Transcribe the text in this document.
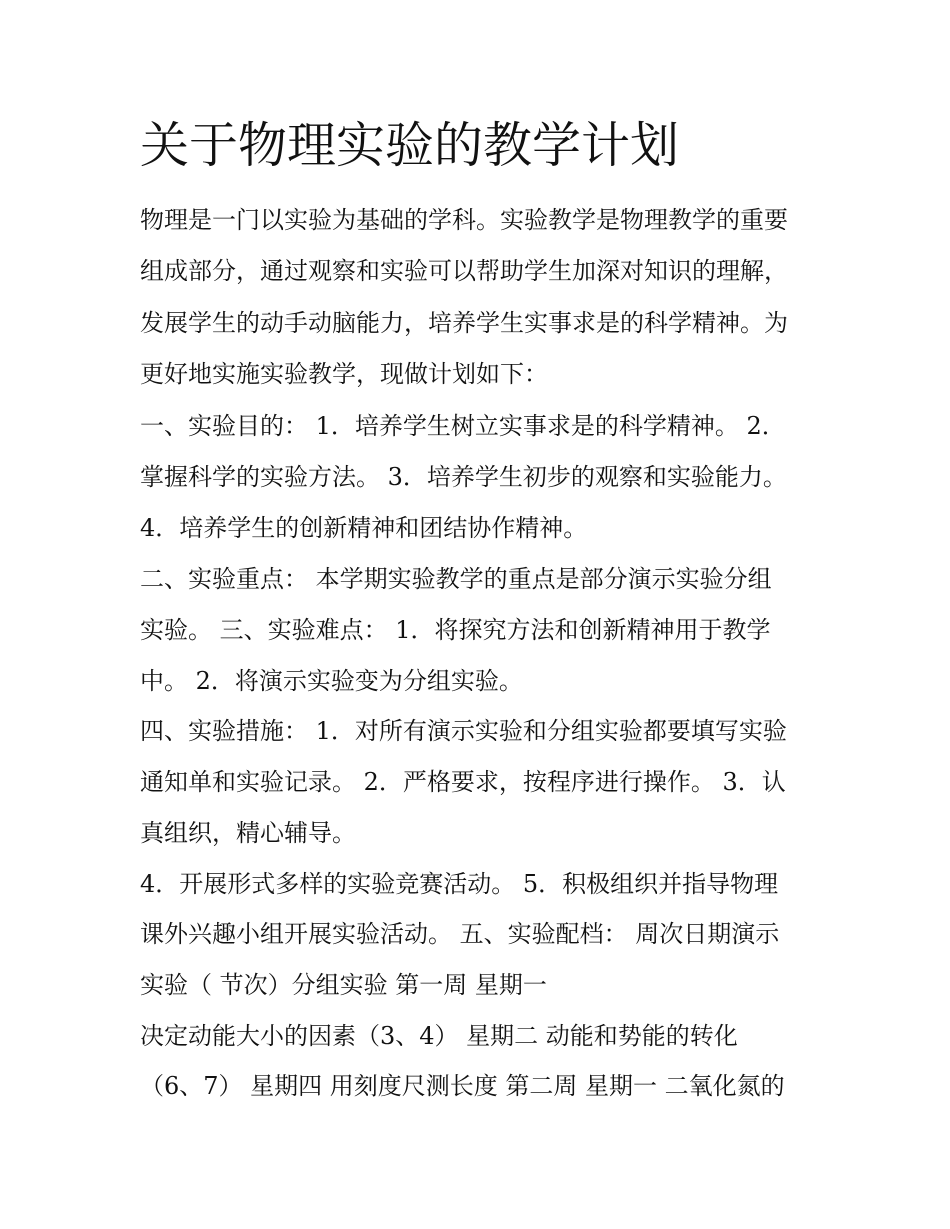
关于物理实验的教学计划

物理是一门以实验为基础的学科。实验教学是物理教学的重要

组成部分，通过观察和实验可以帮助学生加深对知识的理解，

发展学生的动手动脑能力，培养学生实事求是的科学精神。为

更好地实施实验教学，现做计划如下：

一、实验目的： 1．培养学生树立实事求是的科学精神。 2．

掌握科学的实验方法。 3．培养学生初步的观察和实验能力。

4．培养学生的创新精神和团结协作精神。

二、实验重点： 本学期实验教学的重点是部分演示实验分组

实验。 三、实验难点： 1．将探究方法和创新精神用于教学

中。 2．将演示实验变为分组实验。

四、实验措施： 1．对所有演示实验和分组实验都要填写实验

通知单和实验记录。 2．严格要求，按程序进行操作。 3．认

真组织，精心辅导。

4．开展形式多样的实验竞赛活动。 5．积极组织并指导物理

课外兴趣小组开展实验活动。 五、实验配档： 周次日期演示

实验（ 节次）分组实验 第一周 星期一

决定动能大小的因素（3、4） 星期二 动能和势能的转化

（6、7） 星期四 用刻度尺测长度 第二周 星期一 二氧化氮的
